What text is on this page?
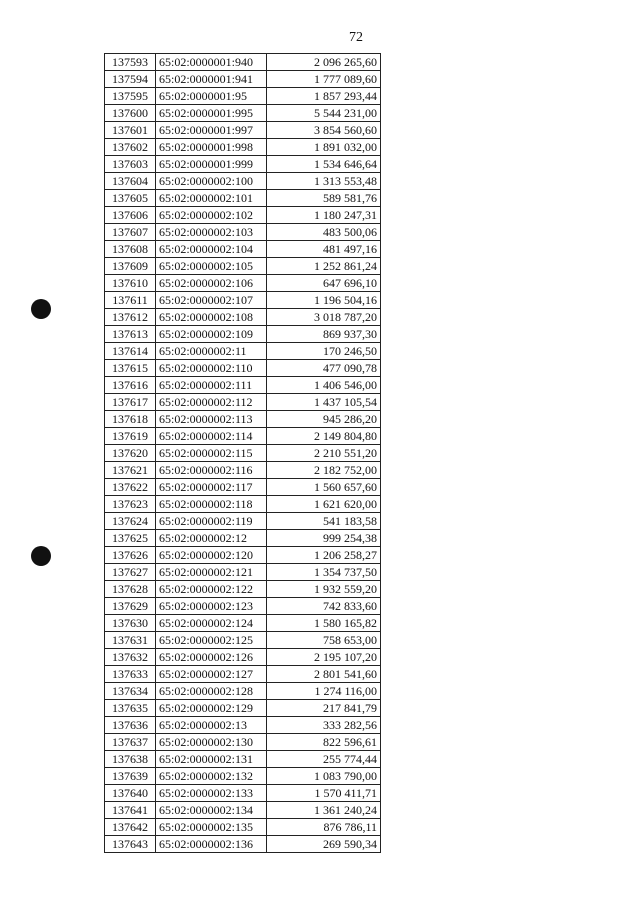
72
137593	65:02:0000001:940	2 096 265,60
137594	65:02:0000001:941	1 777 089,60
137595	65:02:0000001:95	1 857 293,44
137600	65:02:0000001:995	5 544 231,00
137601	65:02:0000001:997	3 854 560,60
137602	65:02:0000001:998	1 891 032,00
137603	65:02:0000001:999	1 534 646,64
137604	65:02:0000002:100	1 313 553,48
137605	65:02:0000002:101	589 581,76
137606	65:02:0000002:102	1 180 247,31
137607	65:02:0000002:103	483 500,06
137608	65:02:0000002:104	481 497,16
137609	65:02:0000002:105	1 252 861,24
137610	65:02:0000002:106	647 696,10
137611	65:02:0000002:107	1 196 504,16
137612	65:02:0000002:108	3 018 787,20
137613	65:02:0000002:109	869 937,30
137614	65:02:0000002:11	170 246,50
137615	65:02:0000002:110	477 090,78
137616	65:02:0000002:111	1 406 546,00
137617	65:02:0000002:112	1 437 105,54
137618	65:02:0000002:113	945 286,20
137619	65:02:0000002:114	2 149 804,80
137620	65:02:0000002:115	2 210 551,20
137621	65:02:0000002:116	2 182 752,00
137622	65:02:0000002:117	1 560 657,60
137623	65:02:0000002:118	1 621 620,00
137624	65:02:0000002:119	541 183,58
137625	65:02:0000002:12	999 254,38
137626	65:02:0000002:120	1 206 258,27
137627	65:02:0000002:121	1 354 737,50
137628	65:02:0000002:122	1 932 559,20
137629	65:02:0000002:123	742 833,60
137630	65:02:0000002:124	1 580 165,82
137631	65:02:0000002:125	758 653,00
137632	65:02:0000002:126	2 195 107,20
137633	65:02:0000002:127	2 801 541,60
137634	65:02:0000002:128	1 274 116,00
137635	65:02:0000002:129	217 841,79
137636	65:02:0000002:13	333 282,56
137637	65:02:0000002:130	822 596,61
137638	65:02:0000002:131	255 774,44
137639	65:02:0000002:132	1 083 790,00
137640	65:02:0000002:133	1 570 411,71
137641	65:02:0000002:134	1 361 240,24
137642	65:02:0000002:135	876 786,11
137643	65:02:0000002:136	269 590,34
